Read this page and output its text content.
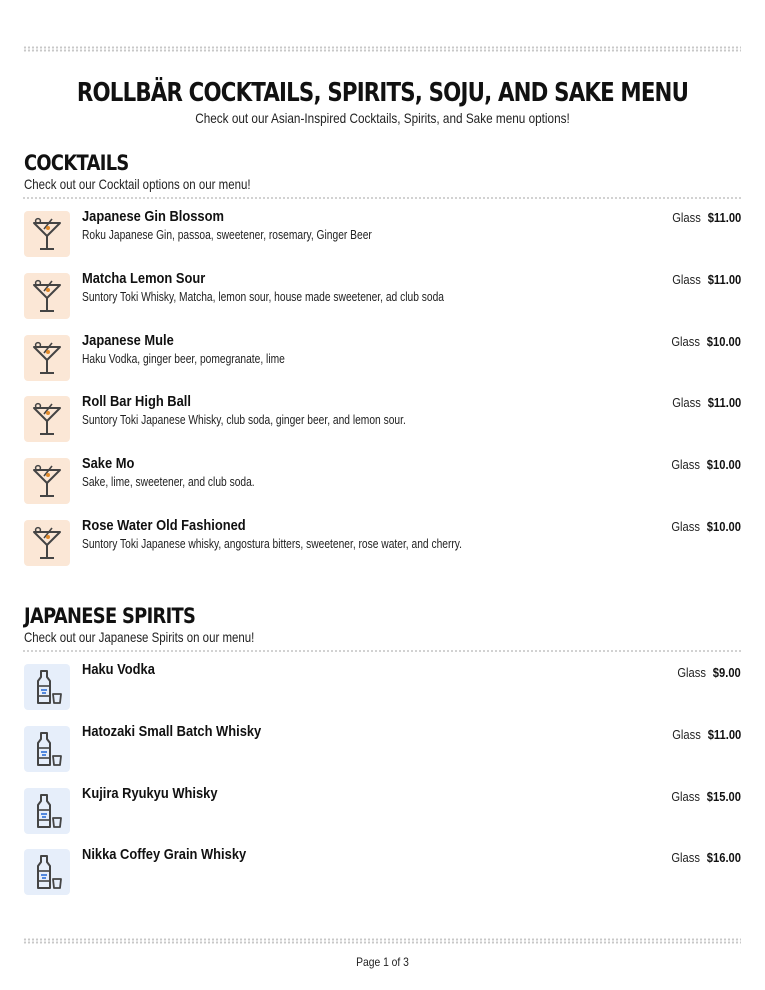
ROLLBÄR COCKTAILS, SPIRITS, SOJU, AND SAKE MENU
Check out our Asian-Inspired Cocktails, Spirits, and Sake menu options!
COCKTAILS
Check out our Cocktail options on our menu!
Japanese Gin Blossom
Roku Japanese Gin, passoa, sweetener, rosemary, Ginger Beer
Glass $11.00
Matcha Lemon Sour
Suntory Toki Whisky, Matcha, lemon sour, house made sweetener, ad club soda
Glass $11.00
Japanese Mule
Haku Vodka, ginger beer, pomegranate, lime
Glass $10.00
Roll Bar High Ball
Suntory Toki Japanese Whisky, club soda, ginger beer, and lemon sour.
Glass $11.00
Sake Mo
Sake, lime, sweetener, and club soda.
Glass $10.00
Rose Water Old Fashioned
Suntory Toki Japanese whisky, angostura bitters, sweetener, rose water, and cherry.
Glass $10.00
JAPANESE SPIRITS
Check out our Japanese Spirits on our menu!
Haku Vodka	Glass $9.00
Hatozaki Small Batch Whisky	Glass $11.00
Kujira Ryukyu Whisky	Glass $15.00
Nikka Coffey Grain Whisky	Glass $16.00
Page 1 of 3
